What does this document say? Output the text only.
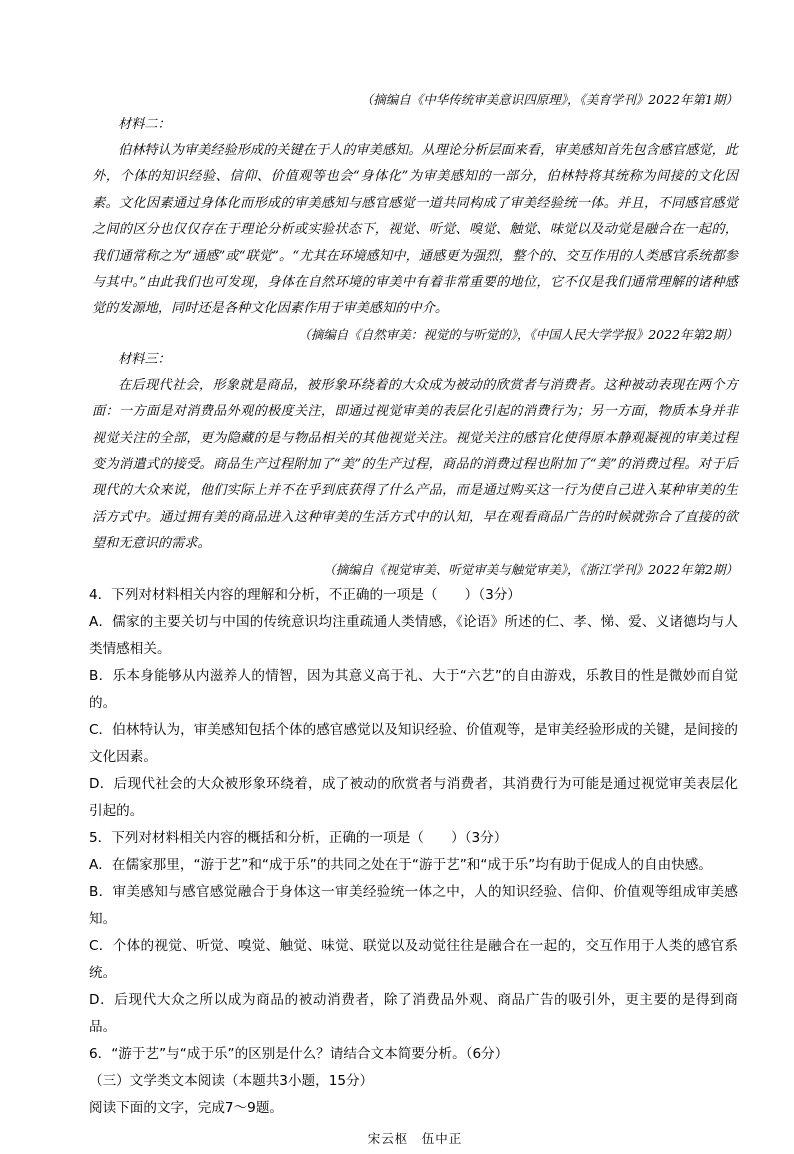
（摘编自《中华传统审美意识四原理》，《美育学刊》2022年第1期）

材料二：

伯林特认为审美经验形成的关键在于人的审美感知。从理论分析层面来看，审美感知首先包含感官感觉，此外，个体的知识经验、信仰、价值观等也会“身体化”为审美感知的一部分，伯林特将其统称为间接的文化因素。文化因素通过身体化而形成的审美感知与感官感觉一道共同构成了审美经验统一体。并且，不同感官感觉之间的区分也仅仅存在于理论分析或实验状态下，视觉、听觉、嗅觉、触觉、味觉以及动觉是融合在一起的，我们通常称之为“通感”或“联觉”。“尤其在环境感知中，通感更为强烈，整个的、交互作用的人类感官系统都参与其中。”由此我们也可发现，身体在自然环境的审美中有着非常重要的地位，它不仅是我们通常理解的诸种感觉的发源地，同时还是各种文化因素作用于审美感知的中介。

（摘编自《自然审美：视觉的与听觉的》，《中国人民大学学报》2022年第2期）

材料三：

在后现代社会，形象就是商品，被形象环绕着的大众成为被动的欣赏者与消费者。这种被动表现在两个方面：一方面是对消费品外观的极度关注，即通过视觉审美的表层化引起的消费行为；另一方面，物质本身并非视觉关注的全部，更为隐藏的是与物品相关的其他视觉关注。视觉关注的感官化使得原本静观凝视的审美过程变为消遣式的接受。商品生产过程附加了“美”的生产过程，商品的消费过程也附加了“美”的消费过程。对于后现代的大众来说，他们实际上并不在乎到底获得了什么产品，而是通过购买这一行为使自己进入某种审美的生活方式中。通过拥有美的商品进入这种审美的生活方式中的认知，早在观看商品广告的时候就弥合了直接的欲望和无意识的需求。

（摘编自《视觉审美、听觉审美与触觉审美》，《浙江学刊》2022年第2期）

4．下列对材料相关内容的理解和分析，不正确的一项是（　　）（3分）

A．儒家的主要关切与中国的传统意识均注重疏通人类情感，《论语》所述的仁、孝、悌、爱、义诸德均与人类情感相关。

B．乐本身能够从内滋养人的情智，因为其意义高于礼、大于“六艺”的自由游戏，乐教目的性是微妙而自觉的。

C．伯林特认为，审美感知包括个体的感官感觉以及知识经验、价值观等，是审美经验形成的关键，是间接的文化因素。

D．后现代社会的大众被形象环绕着，成了被动的欣赏者与消费者，其消费行为可能是通过视觉审美表层化引起的。

5．下列对材料相关内容的概括和分析，正确的一项是（　　）（3分）

A．在儒家那里，“游于艺”和“成于乐”的共同之处在于“游于艺”和“成于乐”均有助于促成人的自由快感。

B．审美感知与感官感觉融合于身体这一审美经验统一体之中，人的知识经验、信仰、价值观等组成审美感知。

C．个体的视觉、听觉、嗅觉、触觉、味觉、联觉以及动觉往往是融合在一起的，交互作用于人类的感官系统。

D．后现代大众之所以成为商品的被动消费者，除了消费品外观、商品广告的吸引外，更主要的是得到商品。

6．“游于艺”与“成于乐”的区别是什么？请结合文本简要分析。（6分）

（三）文学类文本阅读（本题共3小题，15分）

阅读下面的文字，完成7～9题。

宋云枢　伍中正
